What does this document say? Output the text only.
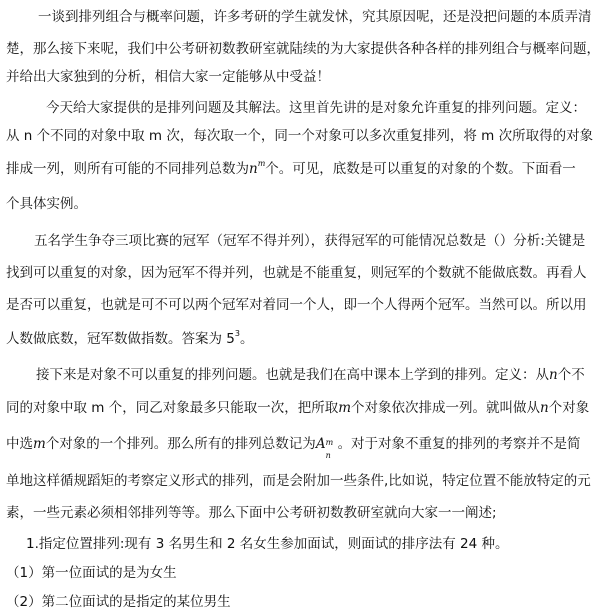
一谈到排列组合与概率问题，许多考研的学生就发怵，究其原因呢，还是没把问题的本质弄清
楚，那么接下来呢，我们中公考研初数教研室就陆续的为大家提供各种各样的排列组合与概率问题，
并给出大家独到的分析，相信大家一定能够从中受益！
今天给大家提供的是排列问题及其解法。这里首先讲的是对象允许重复的排列问题。定义：
从 n 个不同的对象中取 m 次，每次取一个，同一个对象可以多次重复排列，将 m 次所取得的对象
排成一列，则所有可能的不同排列总数为$n^m$个。可见，底数是可以重复的对象的个数。下面看一
个具体实例。
五名学生争夺三项比赛的冠军（冠军不得并列），获得冠军的可能情况总数是（）分析:关键是
找到可以重复的对象，因为冠军不得并列，也就是不能重复，则冠军的个数就不能做底数。再看人
是否可以重复，也就是可不可以两个冠军对着同一个人，即一个人得两个冠军。当然可以。所以用
人数做底数，冠军数做指数。答案为 $5^3$。
接下来是对象不可以重复的排列问题。也就是我们在高中课本上学到的排列。定义：从n个不
同的对象中取 m 个，同乙对象最多只能取一次，把所取m个对象依次排成一列。就叫做从n个对象
中选m个对象的一个排列。那么所有的排列总数记为A m
n
。对于对象不重复的排列的考察并不是简
单地这样循规蹈矩的考察定义形式的排列，而是会附加一些条件,比如说，特定位置不能放特定的元
素，一些元素必须相邻排列等等。那么下面中公考研初数教研室就向大家一一阐述;
1.指定位置排列:现有 3 名男生和 2 名女生参加面试，则面试的排序法有 24 种。
（1）第一位面试的是为女生
（2）第二位面试的是指定的某位男生
